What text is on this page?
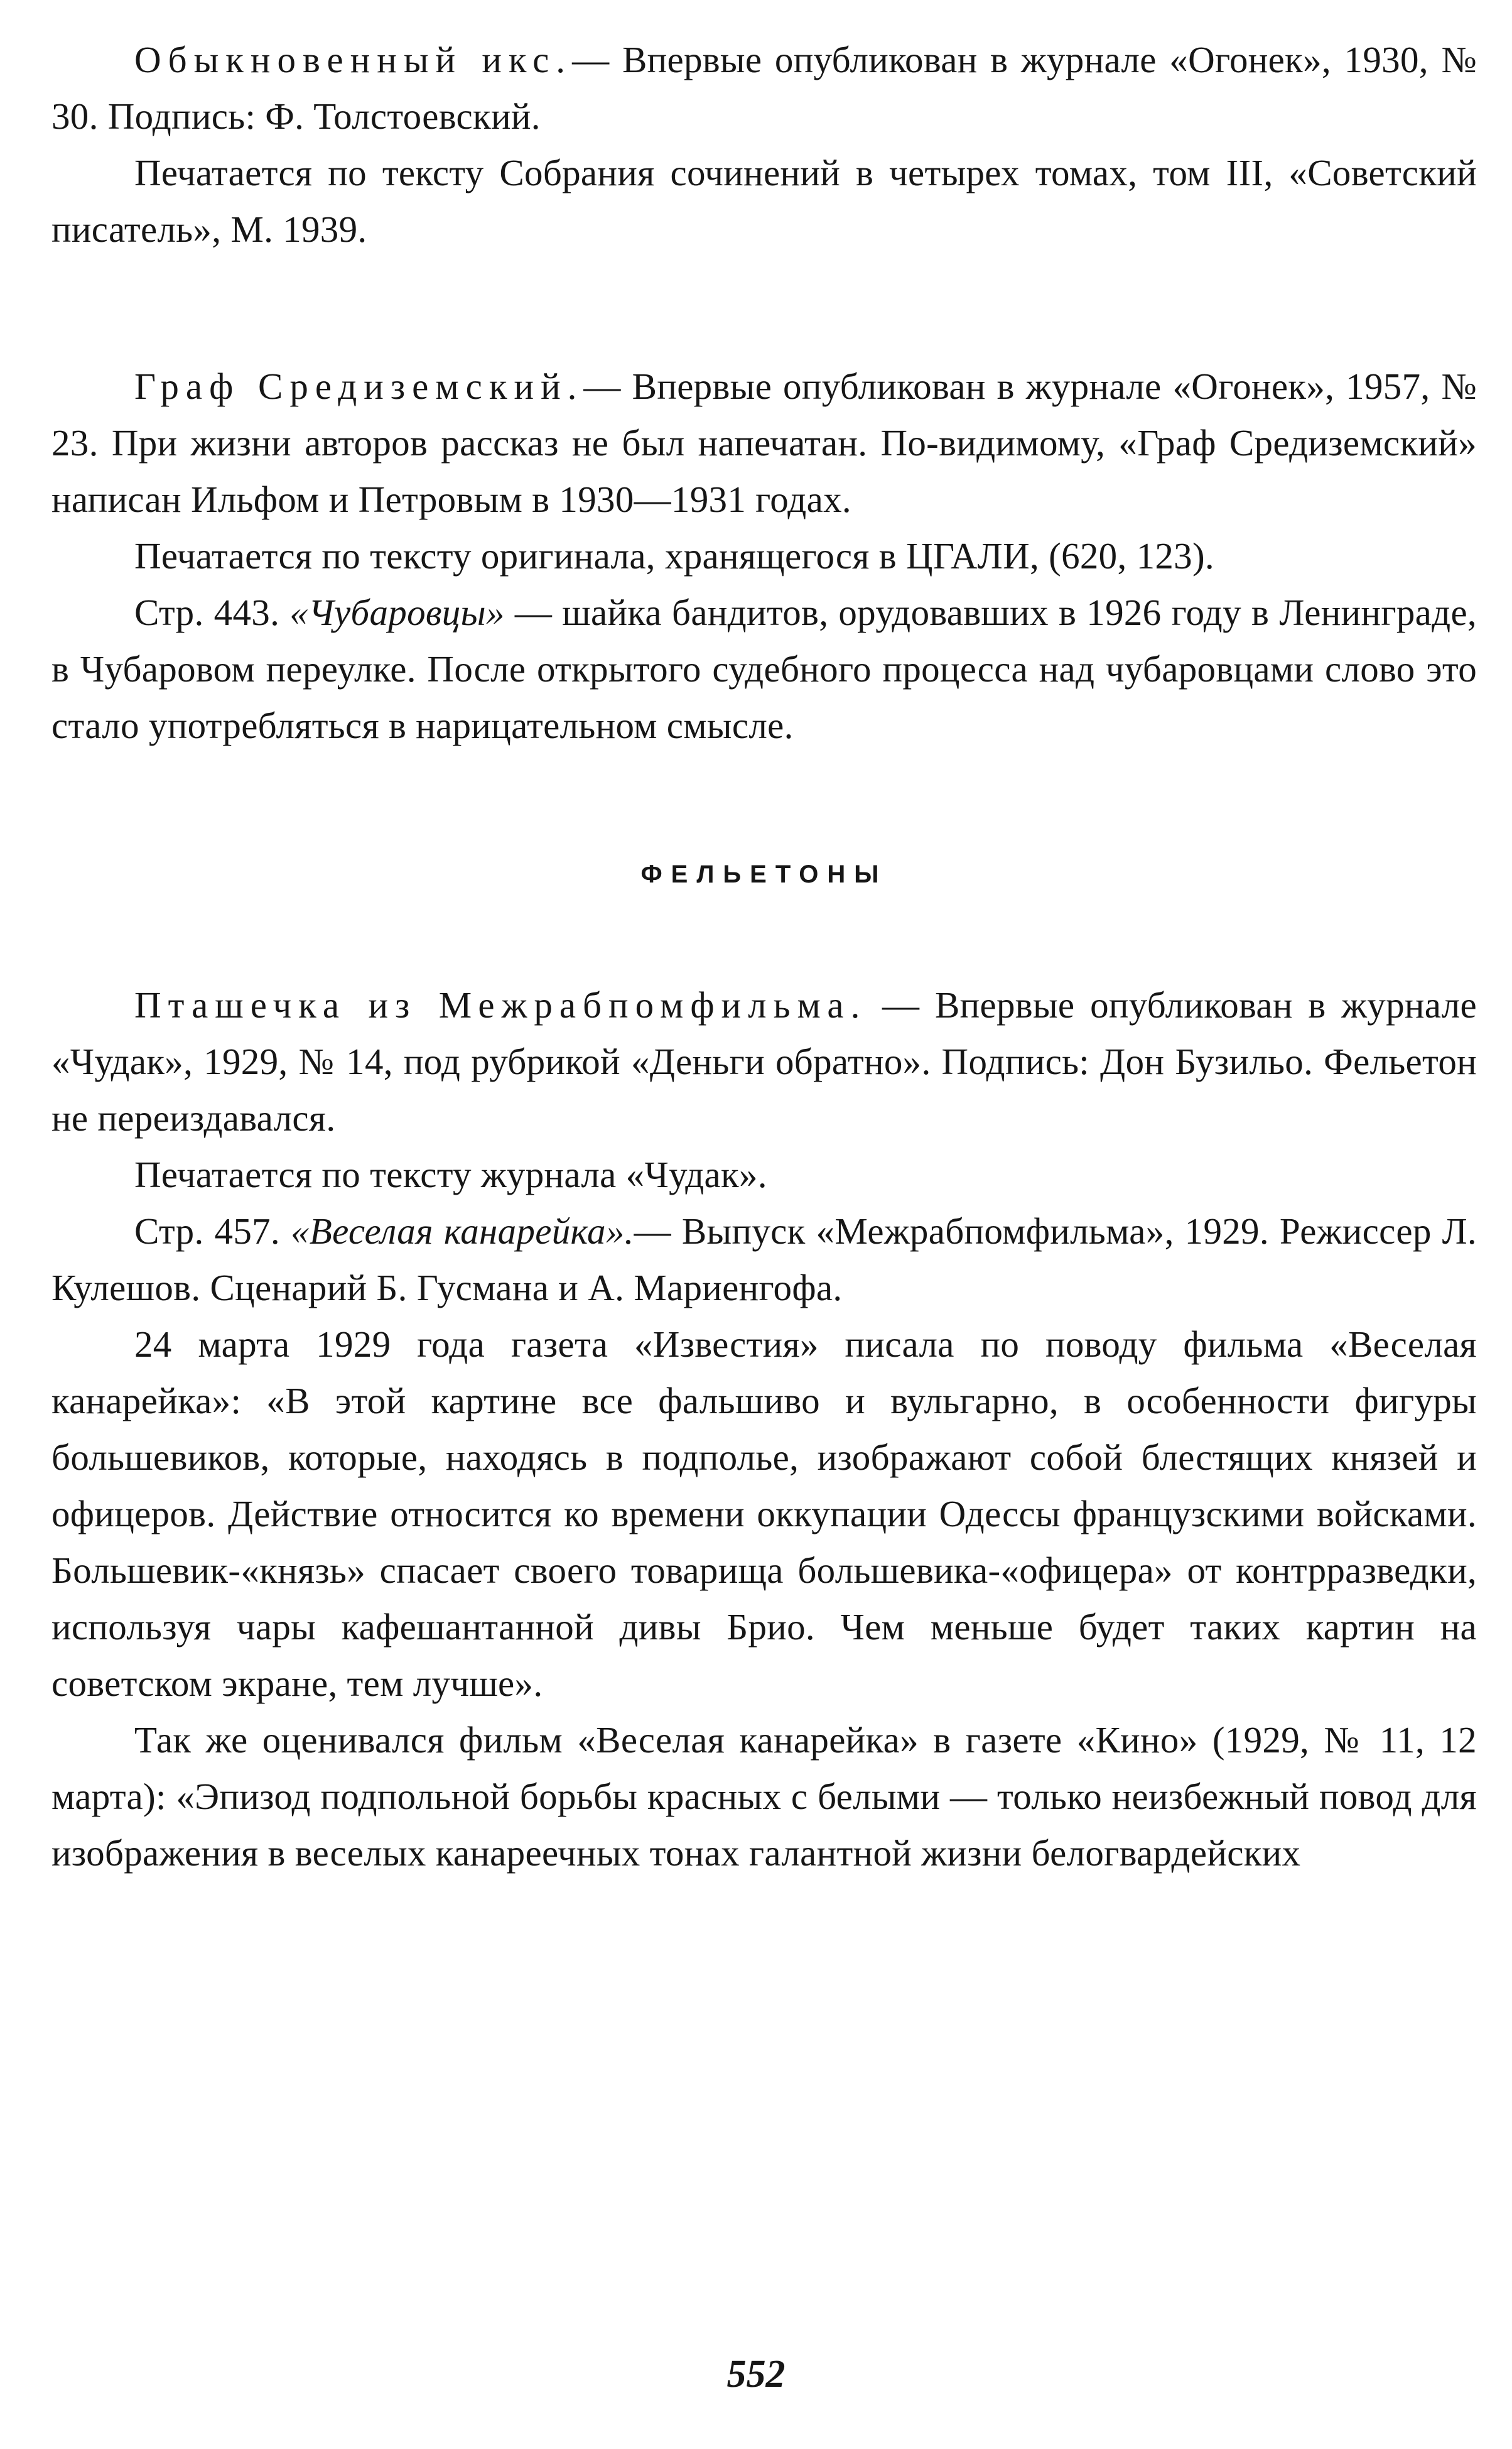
Обыкновенный икс.— Впервые опубликован в журнале «Огонек», 1930, № 30. Подпись: Ф. Толстоевский.

Печатается по тексту Собрания сочинений в четырех томах, том III, «Советский писатель», М. 1939.

Граф Средиземский.— Впервые опубликован в журнале «Огонек», 1957, № 23. При жизни авторов рассказ не был напечатан. По-видимому, «Граф Средиземский» написан Ильфом и Петровым в 1930—1931 годах.

Печатается по тексту оригинала, хранящегося в ЦГАЛИ, (620, 123).

Стр. 443. «Чубаровцы» — шайка бандитов, орудовавших в 1926 году в Ленинграде, в Чубаровом переулке. После открытого судебного процесса над чубаровцами слово это стало употребляться в нарицательном смысле.

ФЕЛЬЕТОНЫ

Пташечка из Межрабпомфильма. — Впервые опубликован в журнале «Чудак», 1929, № 14, под рубрикой «Деньги обратно». Подпись: Дон Бузильо. Фельетон не переиздавался.

Печатается по тексту журнала «Чудак».

Стр. 457. «Веселая канарейка».— Выпуск «Межрабпомфильма», 1929. Режиссер Л. Кулешов. Сценарий Б. Гусмана и А. Мариенгофа.

24 марта 1929 года газета «Известия» писала по поводу фильма «Веселая канарейка»: «В этой картине все фальшиво и вульгарно, в особенности фигуры большевиков, которые, находясь в подполье, изображают собой блестящих князей и офицеров. Действие относится ко времени оккупации Одессы французскими войсками. Большевик-«князь» спасает своего товарища большевика-«офицера» от контрразведки, используя чары кафешантанной дивы Брио. Чем меньше будет таких картин на советском экране, тем лучше».

Так же оценивался фильм «Веселая канарейка» в газете «Кино» (1929, № 11, 12 марта): «Эпизод подпольной борьбы красных с белыми — только неизбежный повод для изображения в веселых канареечных тонах галантной жизни белогвардейских

552
